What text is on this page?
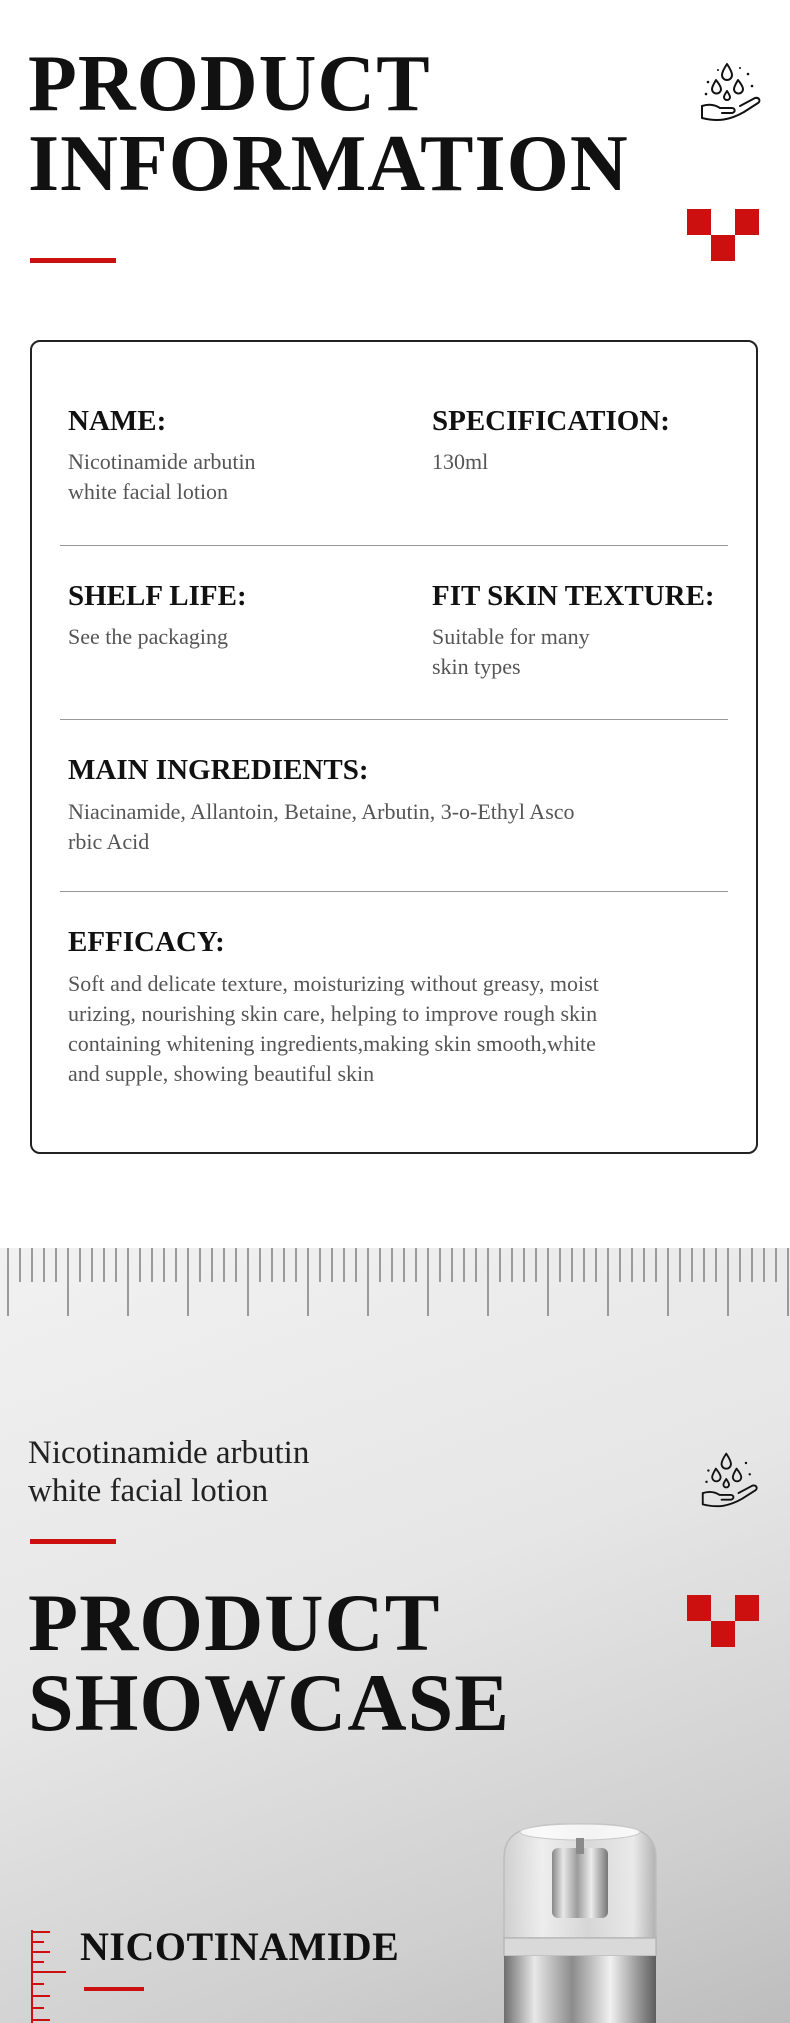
PRODUCT
INFORMATION
NAME:
Nicotinamide arbutin
white facial lotion
SPECIFICATION:
130ml
SHELF LIFE:
See the packaging
FIT SKIN TEXTURE:
Suitable for many
skin types
MAIN INGREDIENTS:
Niacinamide, Allantoin, Betaine, Arbutin, 3-o-Ethyl Asco
rbic Acid
EFFICACY:
Soft and delicate texture, moisturizing without greasy, moist
urizing, nourishing skin care, helping to improve rough skin
containing whitening ingredients,making skin smooth,white
and supple, showing beautiful skin
Nicotinamide arbutin
white facial lotion
PRODUCT
SHOWCASE
NICOTINAMIDE
